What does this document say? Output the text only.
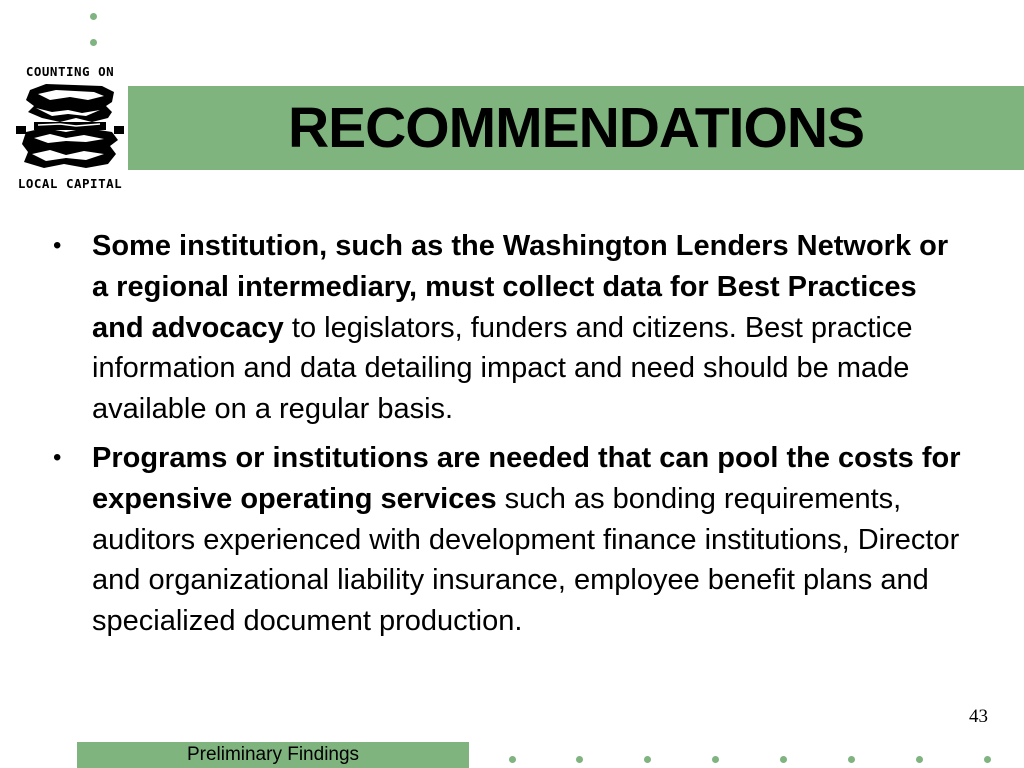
RECOMMENDATIONS
COUNTING ON
LOCAL CAPITAL
• Some institution, such as the Washington Lenders Network or a regional intermediary, must collect data for Best Practices and advocacy to legislators, funders and citizens. Best practice information and data detailing impact and need should be made available on a regular basis.
• Programs or institutions are needed that can pool the costs for expensive operating services such as bonding requirements, auditors experienced with development finance institutions, Director and organizational liability insurance, employee benefit plans and specialized document production.
43
Preliminary Findings
